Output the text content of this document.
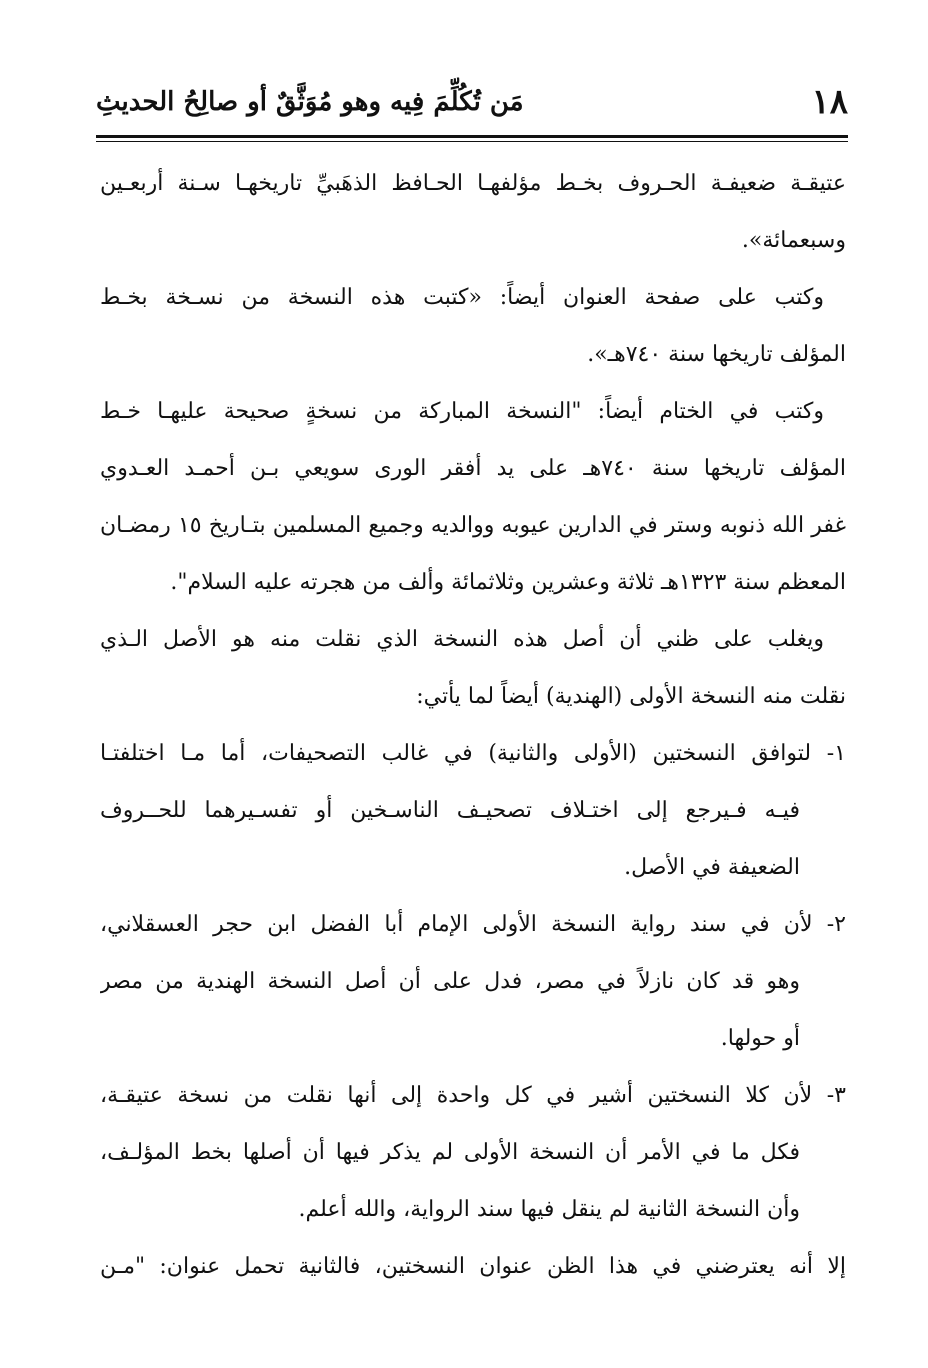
١٨
مَن تُكُلِّمَ فِيه وهو مُوَثَّقٌ أو صالِحُ الحديثِ
عتيقـة ضعيفـة الحـروف بخـط مؤلفهـا الحـافظ الذهَبيِّ تاريخهـا سـنة أربعـين
وسبعمائة».
وكتب على صفحة العنوان أيضاً: «كتبت هذه النسخة من نسـخة بخـط
المؤلف تاريخها سنة ٧٤٠هـ».
وكتب في الختام أيضاً: "النسخة المباركة من نسخةٍ صحيحة عليهـا خـط
المؤلف تاريخها سنة ٧٤٠هـ على يد أفقر الورى سويعي بـن أحمـد العـدوي
غفر الله ذنوبه وستر في الدارين عيوبه ووالديه وجميع المسلمين بتـاريخ ١٥ رمضـان
المعظم سنة ١٣٢٣هـ ثلاثة وعشرين وثلاثمائة وألف من هجرته عليه السلام".
ويغلب على ظني أن أصل هذه النسخة الذي نقلت منه هو الأصل الـذي
نقلت منه النسخة الأولى (الهندية) أيضاً لما يأتي:
١- لتوافق النسختين (الأولى والثانية) في غالب التصحيفات، أما مـا اختلفتـا
فيـه فـيرجع إلى اختـلاف تصحيـف الناسـخين أو تفسـيرهما للحــروف
الضعيفة في الأصل.
٢- لأن في سند رواية النسخة الأولى الإمام أبا الفضل ابن حجر العسقلاني،
وهو قد كان نازلاً في مصر، فدل على أن أصل النسخة الهندية من مصر
أو حولها.
٣- لأن كلا النسختين أشير في كل واحدة إلى أنها نقلت من نسخة عتيقـة،
فكل ما في الأمر أن النسخة الأولى لم يذكر فيها أن أصلها بخط المؤلـف،
وأن النسخة الثانية لم ينقل فيها سند الرواية، والله أعلم.
إلا أنه يعترضني في هذا الظن عنوان النسختين، فالثانية تحمل عنوان: "مـن
